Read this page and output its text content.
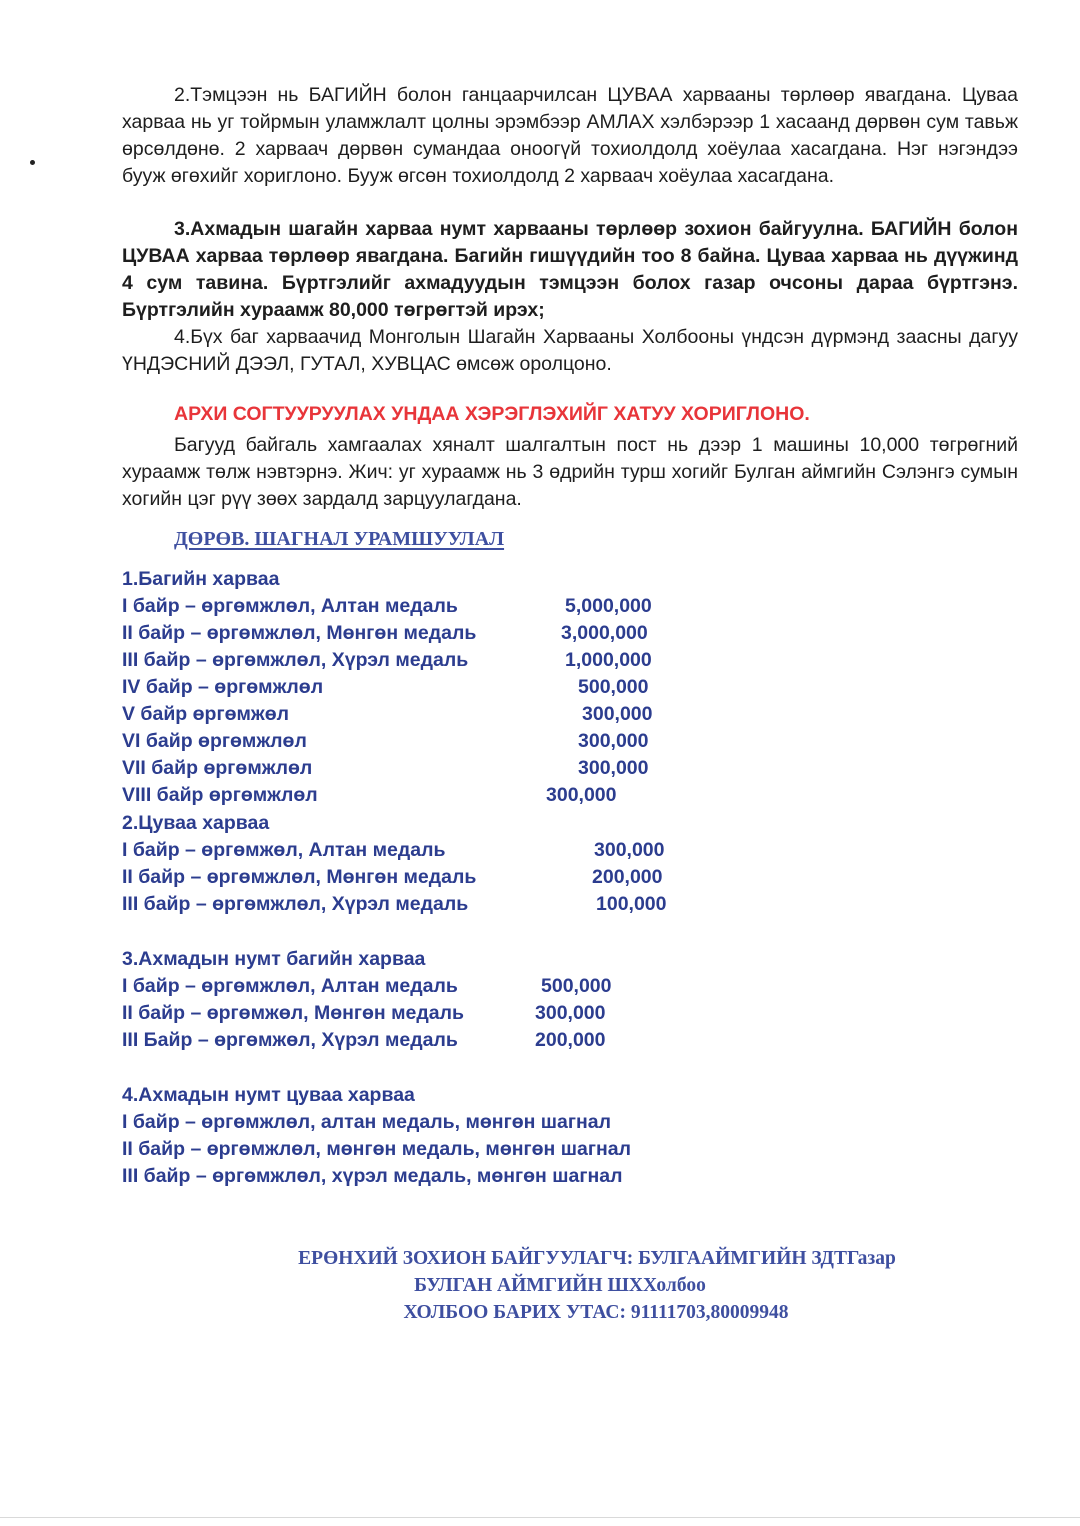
2.Тэмцээн нь БАГИЙН болон ганцаарчилсан ЦУВАА харвааны төрлөөр явагдана. Цуваа харваа нь уг тойрмын уламжлалт цолны эрэмбээр АМЛАХ хэлбэрээр 1 хасаанд дөрвөн сум тавьж өрсөлдөнө. 2 харваач дөрвөн сумандаа оноогүй тохиолдолд хоёулаа хасагдана. Нэг нэгэндээ бууж өгөхийг хориглоно. Бууж өгсөн тохиолдолд 2 харваач хоёулаа хасагдана.

3.Ахмадын шагайн харваа нумт харвааны төрлөөр зохион байгуулна. БАГИЙН болон ЦУВАА харваа төрлөөр явагдана. Багийн гишүүдийн тоо 8 байна. Цуваа харваа нь дүүжинд 4 сум тавина. Бүртгэлийг ахмадуудын тэмцээн болох газар очсоны дараа бүртгэнэ. Бүртгэлийн хураамж 80,000 төгрөгтэй ирэх;

4.Бүх баг харваачид Монголын Шагайн Харвааны Холбооны үндсэн дүрмэнд заасны дагуу ҮНДЭСНИЙ ДЭЭЛ, ГУТАЛ, ХУВЦАС өмсөж оролцоно.

АРХИ СОГТУУРУУЛАХ УНДАА ХЭРЭГЛЭХИЙГ ХАТУУ ХОРИГЛОНО.

Багууд байгаль хамгаалах хяналт шалгалтын пост нь дээр 1 машины 10,000 төгрөгний хураамж төлж нэвтэрнэ. Жич: уг хураамж нь 3 өдрийн турш хогийг Булган аймгийн Сэлэнгэ сумын хогийн цэг рүү зөөх зардалд зарцуулагдана.

ДӨРӨВ. ШАГНАЛ УРАМШУУЛАЛ
1.Багийн харваа
I байр – өргөмжлөл, Алтан медаль	5,000,000
II байр – өргөмжлөл, Мөнгөн медаль	3,000,000
III байр – өргөмжлөл, Хүрэл медаль	1,000,000
IV байр – өргөмжлөл	500,000
V байр өргөмжөл	300,000
VI байр өргөмжлөл	300,000
VII байр өргөмжлөл	300,000
VIII байр өргөмжлөл	300,000
2.Цуваа харваа
I байр – өргөмжөл, Алтан медаль	300,000
II байр – өргөмжлөл, Мөнгөн медаль	200,000
III байр – өргөмжлөл, Хүрэл медаль	100,000
3.Ахмадын нумт багийн харваа
I байр – өргөмжлөл, Алтан медаль	500,000
II байр – өргөмжөл, Мөнгөн медаль	300,000
III Байр – өргөмжөл, Хүрэл медаль	200,000
4.Ахмадын нумт цуваа харваа
I байр – өргөмжлөл, алтан медаль, мөнгөн шагнал
II байр – өргөмжлөл, мөнгөн медаль, мөнгөн шагнал
III байр – өргөмжлөл, хүрэл медаль, мөнгөн шагнал
ЕРӨНХИЙ ЗОХИОН БАЙГУУЛАГЧ: БУЛГААЙМГИЙН ЗДТГазар
БУЛГАН АЙМГИЙН ШХХолбоо
ХОЛБОО БАРИХ УТАС: 91111703,80009948
